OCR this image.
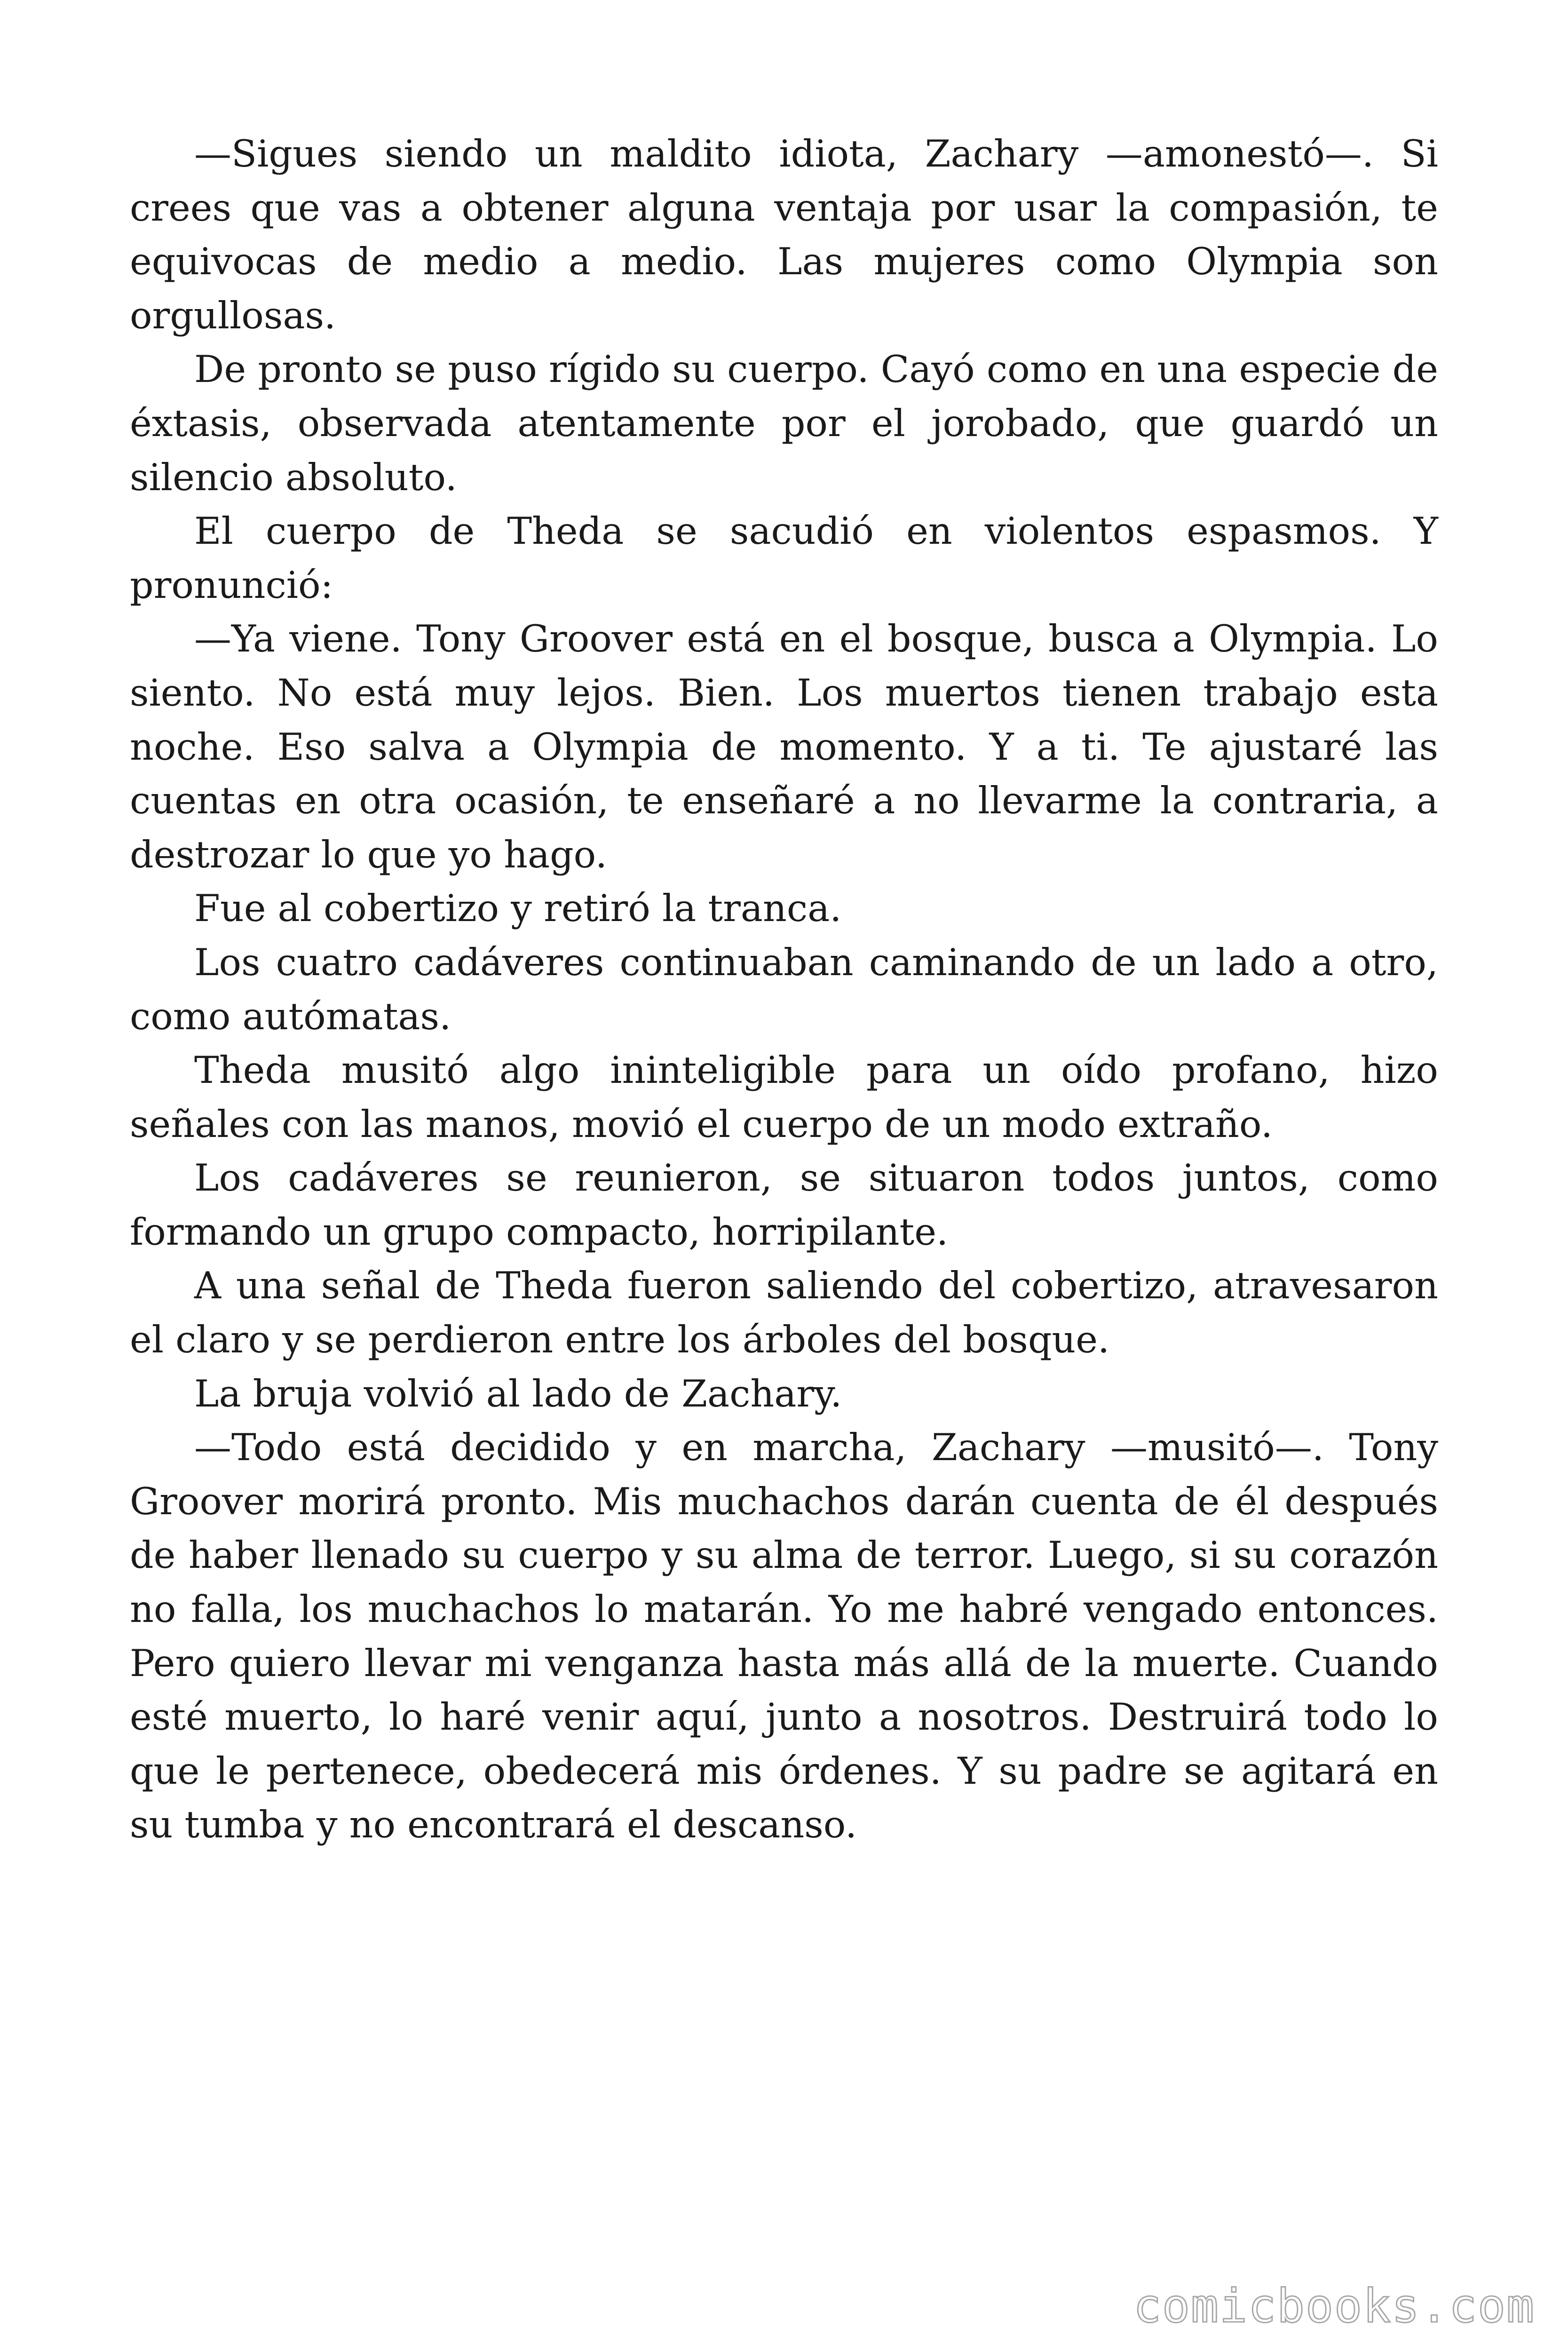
—Sigues siendo un maldito idiota, Zachary —amonestó—. Si crees que vas a obtener alguna ventaja por usar la compasión, te equivocas de medio a medio. Las mujeres como Olympia son orgullosas.

De pronto se puso rígido su cuerpo. Cayó como en una especie de éxtasis, observada atentamente por el jorobado, que guardó un silencio absoluto.

El cuerpo de Theda se sacudió en violentos espasmos. Y pronunció:

—Ya viene. Tony Groover está en el bosque, busca a Olympia. Lo siento. No está muy lejos. Bien. Los muertos tienen trabajo esta noche. Eso salva a Olympia de momento. Y a ti. Te ajustaré las cuentas en otra ocasión, te enseñaré a no llevarme la contraria, a destrozar lo que yo hago.

Fue al cobertizo y retiró la tranca.

Los cuatro cadáveres continuaban caminando de un lado a otro, como autómatas.

Theda musitó algo ininteligible para un oído profano, hizo señales con las manos, movió el cuerpo de un modo extraño.

Los cadáveres se reunieron, se situaron todos juntos, como formando un grupo compacto, horripilante.

A una señal de Theda fueron saliendo del cobertizo, atravesaron el claro y se perdieron entre los árboles del bosque.

La bruja volvió al lado de Zachary.

—Todo está decidido y en marcha, Zachary —musitó—. Tony Groover morirá pronto. Mis muchachos darán cuenta de él después de haber llenado su cuerpo y su alma de terror. Luego, si su corazón no falla, los muchachos lo matarán. Yo me habré vengado entonces. Pero quiero llevar mi venganza hasta más allá de la muerte. Cuando esté muerto, lo haré venir aquí, junto a nosotros. Destruirá todo lo que le pertenece, obedecerá mis órdenes. Y su padre se agitará en su tumba y no encontrará el descanso.

comicbooks.com
